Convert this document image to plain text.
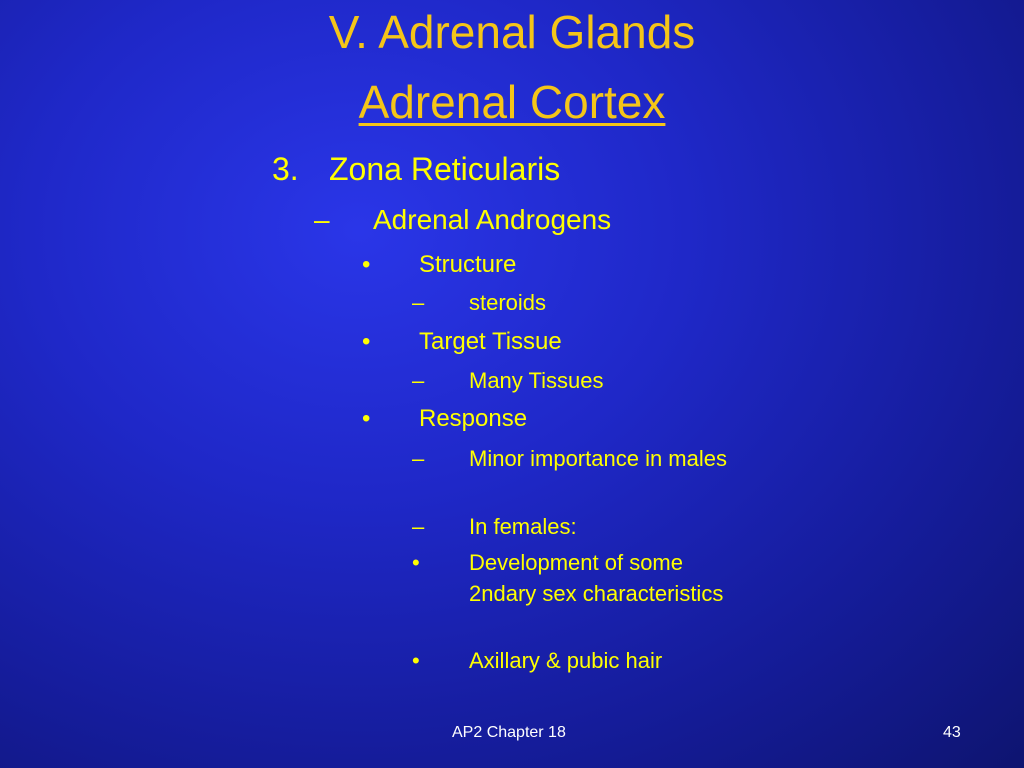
V. Adrenal Glands
Adrenal Cortex
3. Zona Reticularis
– Adrenal Androgens
• Structure
– steroids
• Target Tissue
– Many Tissues
• Response
– Minor importance in males
– In females:
• Development of some 2ndary sex characteristics
• Axillary & pubic hair
AP2 Chapter 18	43
